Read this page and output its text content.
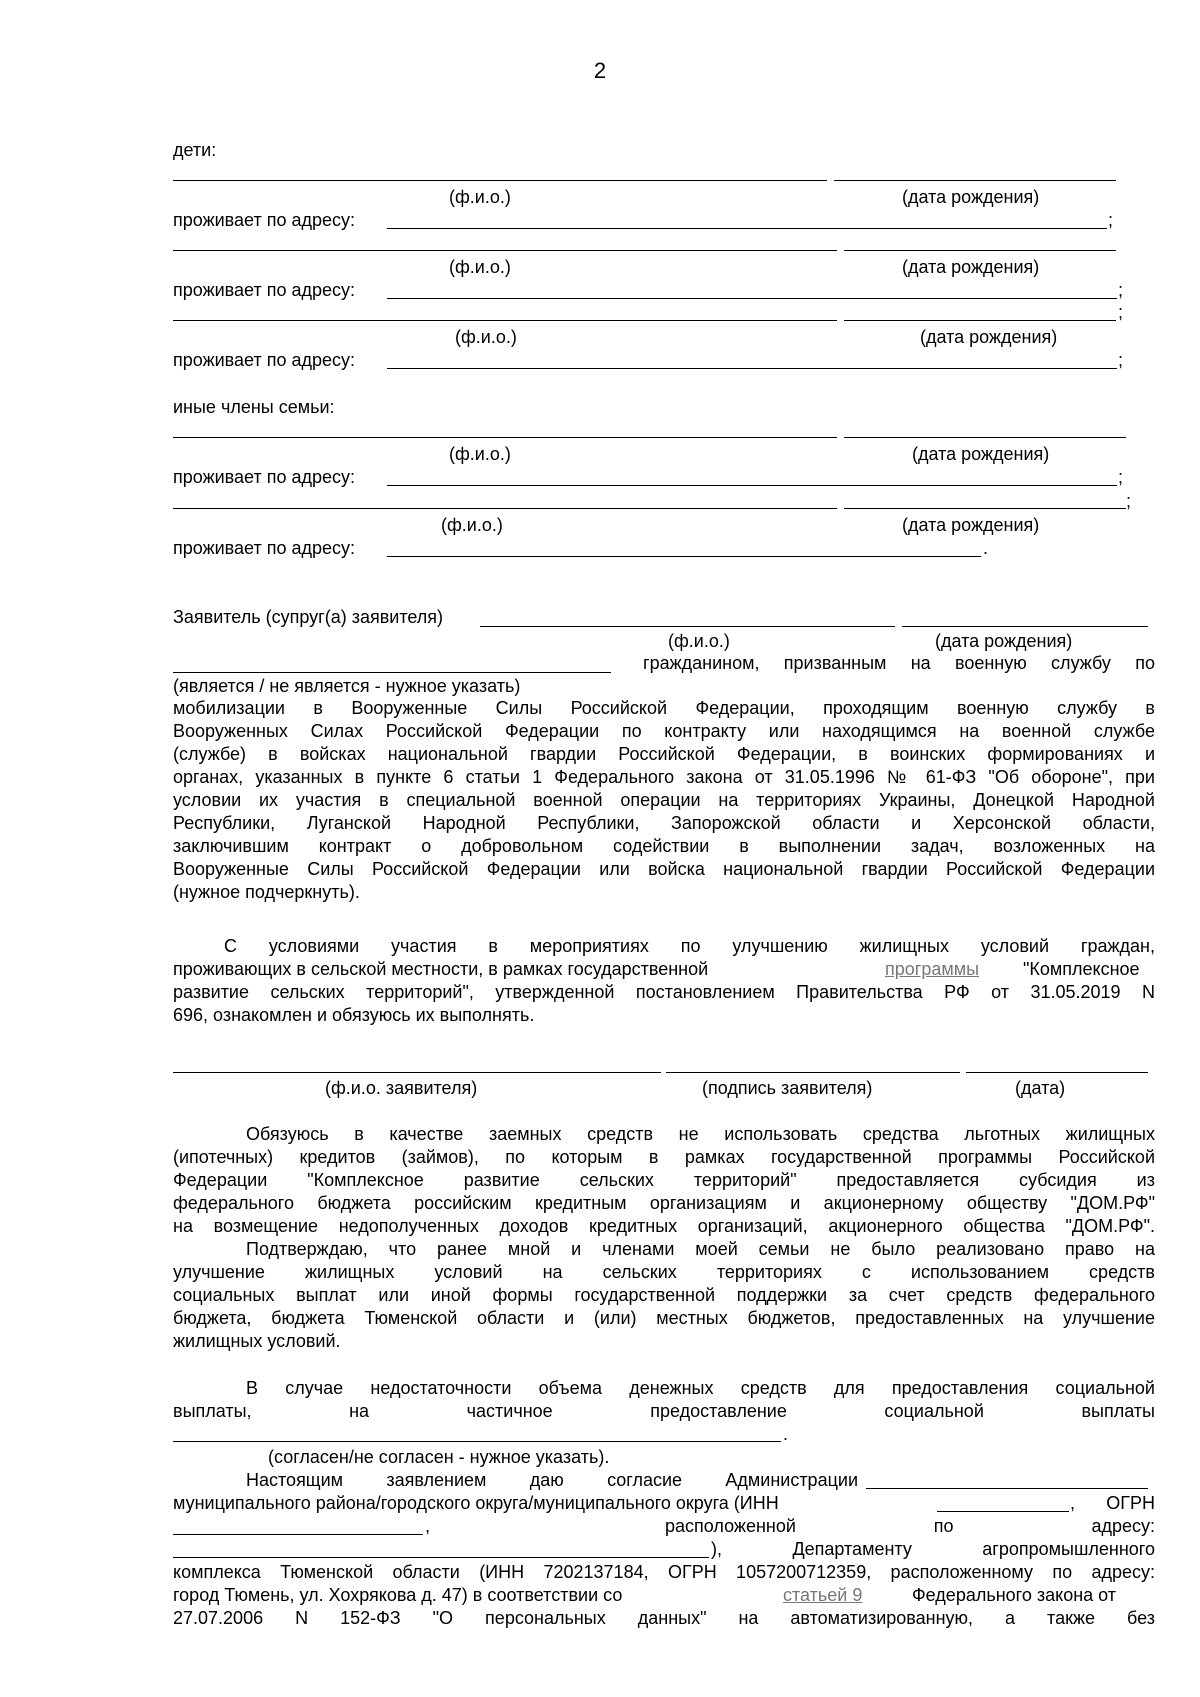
2
дети:
(ф.и.о.)	(дата рождения)
проживает по адресу:	;
(ф.и.о.)	(дата рождения)
проживает по адресу:	;
;
(ф.и.о.)	(дата рождения)
проживает по адресу:	;
иные члены семьи:
(ф.и.о.)	(дата рождения)
проживает по адресу:	;
;
(ф.и.о.)	(дата рождения)
проживает по адресу:	.
Заявитель (супруг(а) заявителя)
(ф.и.о.)	(дата рождения)
гражданином, призванным на военную службу по
(является / не является - нужное указать)
мобилизации в Вооруженные Силы Российской Федерации, проходящим военную службу в
Вооруженных Силах Российской Федерации по контракту или находящимся на военной службе
(службе) в войсках национальной гвардии Российской Федерации, в воинских формированиях и
органах, указанных в пункте 6 статьи 1 Федерального закона от 31.05.1996 № 61-ФЗ "Об обороне", при
условии их участия в специальной военной операции на территориях Украины, Донецкой Народной
Республики, Луганской Народной Республики, Запорожской области и Херсонской области,
заключившим контракт о добровольном содействии в выполнении задач, возложенных на
Вооруженные Силы Российской Федерации или войска национальной гвардии Российской Федерации
(нужное подчеркнуть).
С условиями участия в мероприятиях по улучшению жилищных условий граждан,
проживающих в сельской местности, в рамках государственной	программы "Комплексное
развитие сельских территорий", утвержденной постановлением Правительства РФ от 31.05.2019 N
696, ознакомлен и обязуюсь их выполнять.
(ф.и.о. заявителя)	(подпись заявителя)	(дата)
Обязуюсь в качестве заемных средств не использовать средства льготных жилищных
(ипотечных) кредитов (займов), по которым в рамках государственной программы Российской
Федерации "Комплексное развитие сельских территорий" предоставляется субсидия из
федерального бюджета российским кредитным организациям и акционерному обществу "ДОМ.РФ"
на возмещение недополученных доходов кредитных организаций, акционерного общества "ДОМ.РФ".
Подтверждаю, что ранее мной и членами моей семьи не было реализовано право на
улучшение жилищных условий на сельских территориях с использованием средств
социальных выплат или иной формы государственной поддержки за счет средств федерального
бюджета, бюджета Тюменской области и (или) местных бюджетов, предоставленных на улучшение
жилищных условий.
В случае недостаточности объема денежных средств для предоставления социальной
выплаты, на частичное предоставление социальной выплаты
.
(согласен/не согласен - нужное указать).
Настоящим заявлением даю согласие Администрации
муниципального района/городского округа/муниципального округа (ИНН	, ОГРН
,	расположенной по адресу:
), Департаменту агропромышленного
комплекса Тюменской области (ИНН 7202137184, ОГРН 1057200712359, расположенному по адресу:
город Тюмень, ул. Хохрякова д. 47) в соответствии со	статьей 9	Федерального закона от
27.07.2006 N 152-ФЗ "О персональных данных" на автоматизированную, а также без
